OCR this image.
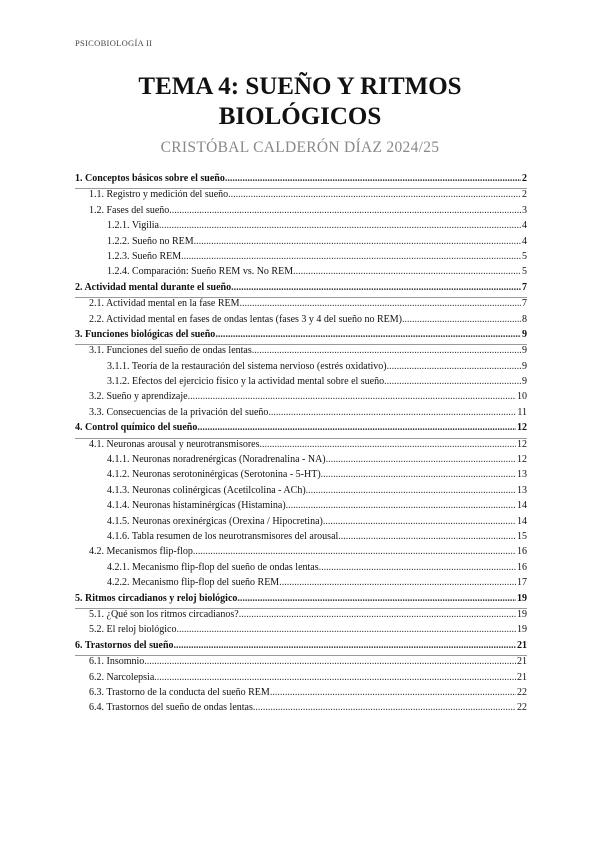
PSICOBIOLOGÍA II
TEMA 4: SUEÑO Y RITMOS
BIOLÓGICOS
CRISTÓBAL CALDERÓN DÍAZ 2024/25
1. Conceptos básicos sobre el sueño .....	2
1.1. Registro y medición del sueño .....	2
1.2. Fases del sueño .....	3
1.2.1. Vigilia .....	4
1.2.2. Sueño no REM .....	4
1.2.3. Sueño REM .....	5
1.2.4. Comparación: Sueño REM vs. No REM .....	5
2. Actividad mental durante el sueño .....	7
2.1. Actividad mental en la fase REM .....	7
2.2. Actividad mental en fases de ondas lentas (fases 3 y 4 del sueño no REM) .....	8
3. Funciones biológicas del sueño .....	9
3.1. Funciones del sueño de ondas lentas .....	9
3.1.1. Teoría de la restauración del sistema nervioso (estrés oxidativo) .....	9
3.1.2. Efectos del ejercicio físico y la actividad mental sobre el sueño .....	9
3.2. Sueño y aprendizaje .....	10
3.3. Consecuencias de la privación del sueño .....	11
4. Control químico del sueño .....	12
4.1. Neuronas arousal y neurotransmisores .....	12
4.1.1. Neuronas noradrenérgicas (Noradrenalina - NA) .....	12
4.1.2. Neuronas serotoninérgicas (Serotonina - 5-HT) .....	13
4.1.3. Neuronas colinérgicas (Acetilcolina - ACh) .....	13
4.1.4. Neuronas histaminérgicas (Histamina) .....	14
4.1.5. Neuronas orexinérgicas (Orexina / Hipocretina) .....	14
4.1.6. Tabla resumen de los neurotransmisores del arousal .....	15
4.2. Mecanismos flip-flop .....	16
4.2.1. Mecanismo flip-flop del sueño de ondas lentas .....	16
4.2.2. Mecanismo flip-flop del sueño REM .....	17
5. Ritmos circadianos y reloj biológico .....	19
5.1. ¿Qué son los ritmos circadianos? .....	19
5.2. El reloj biológico .....	19
6. Trastornos del sueño .....	21
6.1. Insomnio .....	21
6.2. Narcolepsia .....	21
6.3. Trastorno de la conducta del sueño REM .....	22
6.4. Trastornos del sueño de ondas lentas .....	22
